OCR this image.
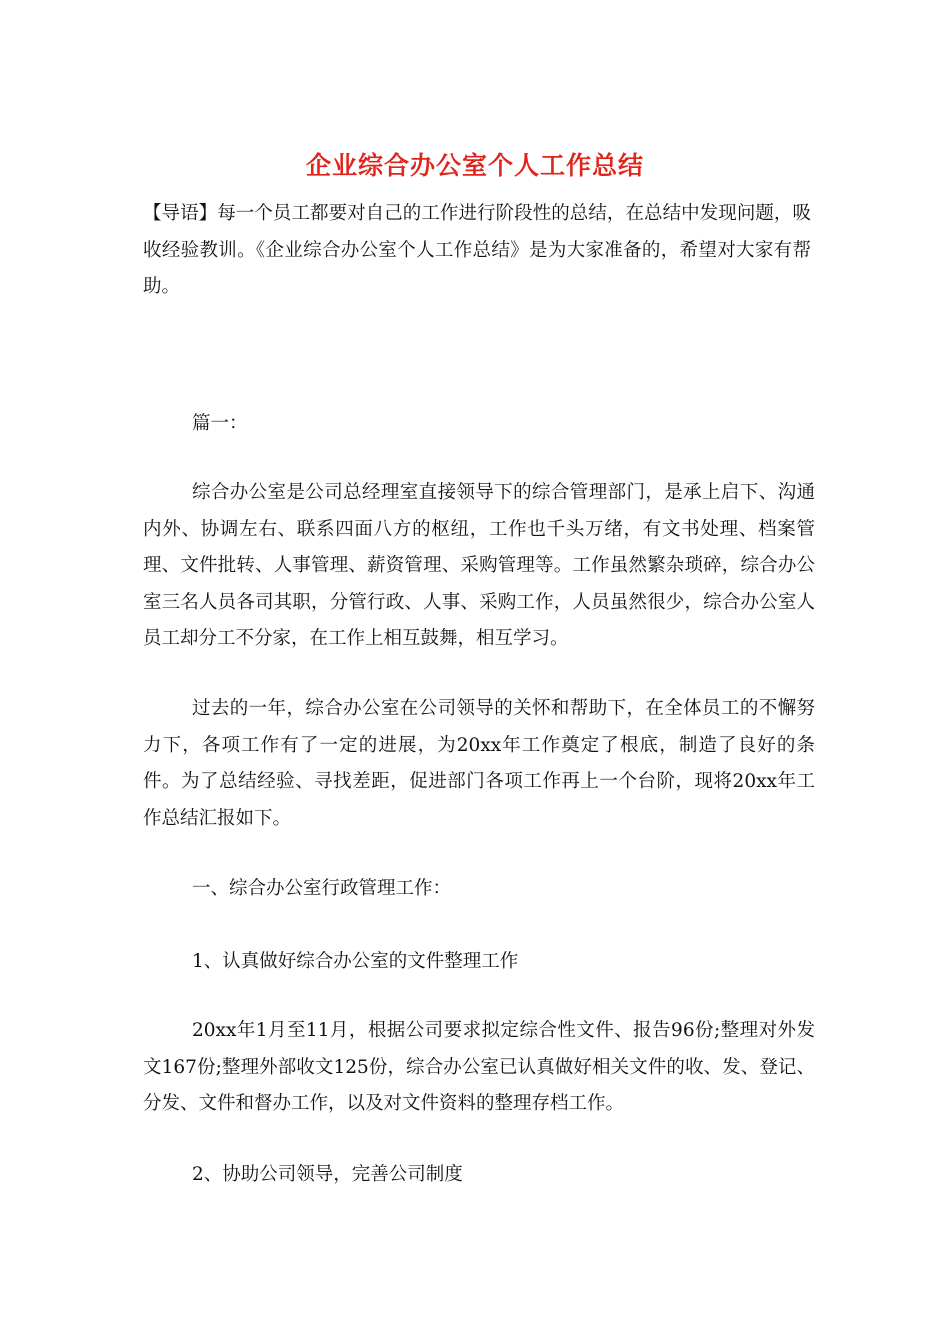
企业综合办公室个人工作总结

【导语】每一个员工都要对自己的工作进行阶段性的总结，在总结中发现问题，吸收经验教训。《企业综合办公室个人工作总结》是为大家准备的，希望对大家有帮助。

篇一：

综合办公室是公司总经理室直接领导下的综合管理部门，是承上启下、沟通内外、协调左右、联系四面八方的枢纽，工作也千头万绪，有文书处理、档案管理、文件批转、人事管理、薪资管理、采购管理等。工作虽然繁杂琐碎，综合办公室三名人员各司其职，分管行政、人事、采购工作，人员虽然很少，综合办公室人员工却分工不分家，在工作上相互鼓舞，相互学习。

过去的一年，综合办公室在公司领导的关怀和帮助下，在全体员工的不懈努力下，各项工作有了一定的进展，为20xx年工作奠定了根底，制造了良好的条件。为了总结经验、寻找差距，促进部门各项工作再上一个台阶，现将20xx年工作总结汇报如下。

一、综合办公室行政管理工作：

1、认真做好综合办公室的文件整理工作

20xx年1月至11月，根据公司要求拟定综合性文件、报告96份;整理对外发文167份;整理外部收文125份，综合办公室已认真做好相关文件的收、发、登记、分发、文件和督办工作，以及对文件资料的整理存档工作。

2、协助公司领导，完善公司制度
